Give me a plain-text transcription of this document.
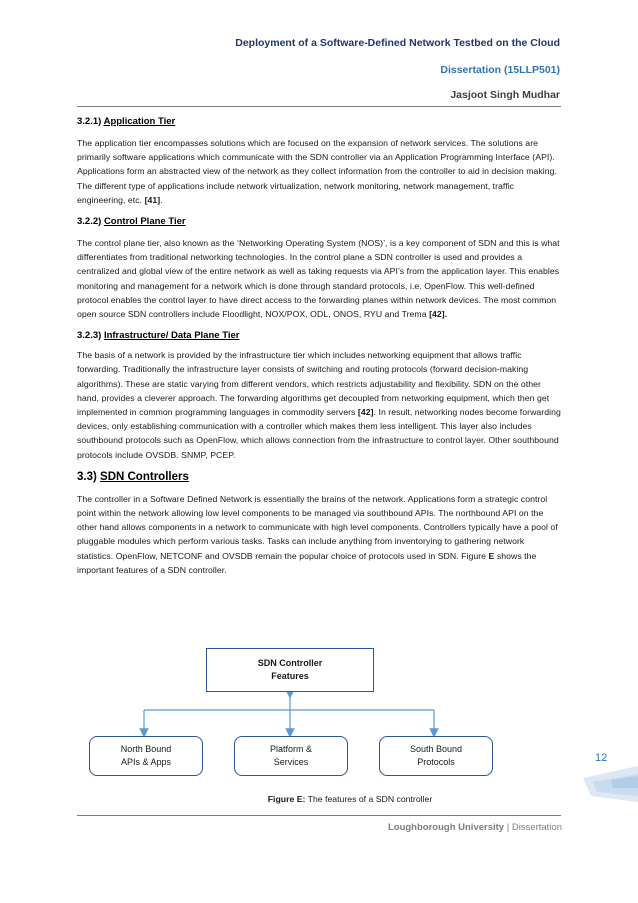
Deployment of a Software-Defined Network Testbed on the Cloud
Dissertation (15LLP501)
Jasjoot Singh Mudhar
3.2.1) Application Tier

The application tier encompasses solutions which are focused on the expansion of network services. The solutions are primarily software applications which communicate with the SDN controller via an Application Programming Interface (API). Applications form an abstracted view of the network as they collect information from the controller to aid in decision making. The different type of applications include network virtualization, network monitoring, network management, traffic engineering, etc. [41].

3.2.2) Control Plane Tier

The control plane tier, also known as the ‘Networking Operating System (NOS)’, is a key component of SDN and this is what differentiates from traditional networking technologies. In the control plane a SDN controller is used and provides a centralized and global view of the entire network as well as taking requests via API’s from the application layer. This enables monitoring and management for a network which is done through standard protocols, i.e. OpenFlow. This well-defined protocol enables the control layer to have direct access to the forwarding planes within network devices. The most common open source SDN controllers include Floodlight, NOX/POX, ODL, ONOS, RYU and Trema [42].

3.2.3) Infrastructure/ Data Plane Tier

The basis of a network is provided by the infrastructure tier which includes networking equipment that allows traffic forwarding. Traditionally the infrastructure layer consists of switching and routing protocols (forward decision-making algorithms). These are static varying from different vendors, which restricts adjustability and flexibility. SDN on the other hand, provides a cleverer approach. The forwarding algorithms get decoupled from networking equipment, which then get implemented in common programming languages in commodity servers [42]. In result, networking nodes become forwarding devices, only establishing communication with a controller which makes them less intelligent. This layer also includes southbound protocols such as OpenFlow, which allows connection from the infrastructure to control layer. Other southbound protocols include OVSDB. SNMP, PCEP.

3.3) SDN Controllers

The controller in a Software Defined Network is essentially the brains of the network. Applications form a strategic control point within the network allowing low level components to be managed via southbound APIs. The northbound API on the other hand allows components in a network to communicate with high level components. Controllers typically have a pool of pluggable modules which perform various tasks. Tasks can include anything from inventorying to gathering network statistics. OpenFlow, NETCONF and OVSDB remain the popular choice of protocols used in SDN. Figure E shows the important features of a SDN controller.

SDN Controller
Features
North Bound
APIs & Apps
Platform &
Services
South Bound
Protocols
Figure E: The features of a SDN controller
Loughborough University | Dissertation
12
